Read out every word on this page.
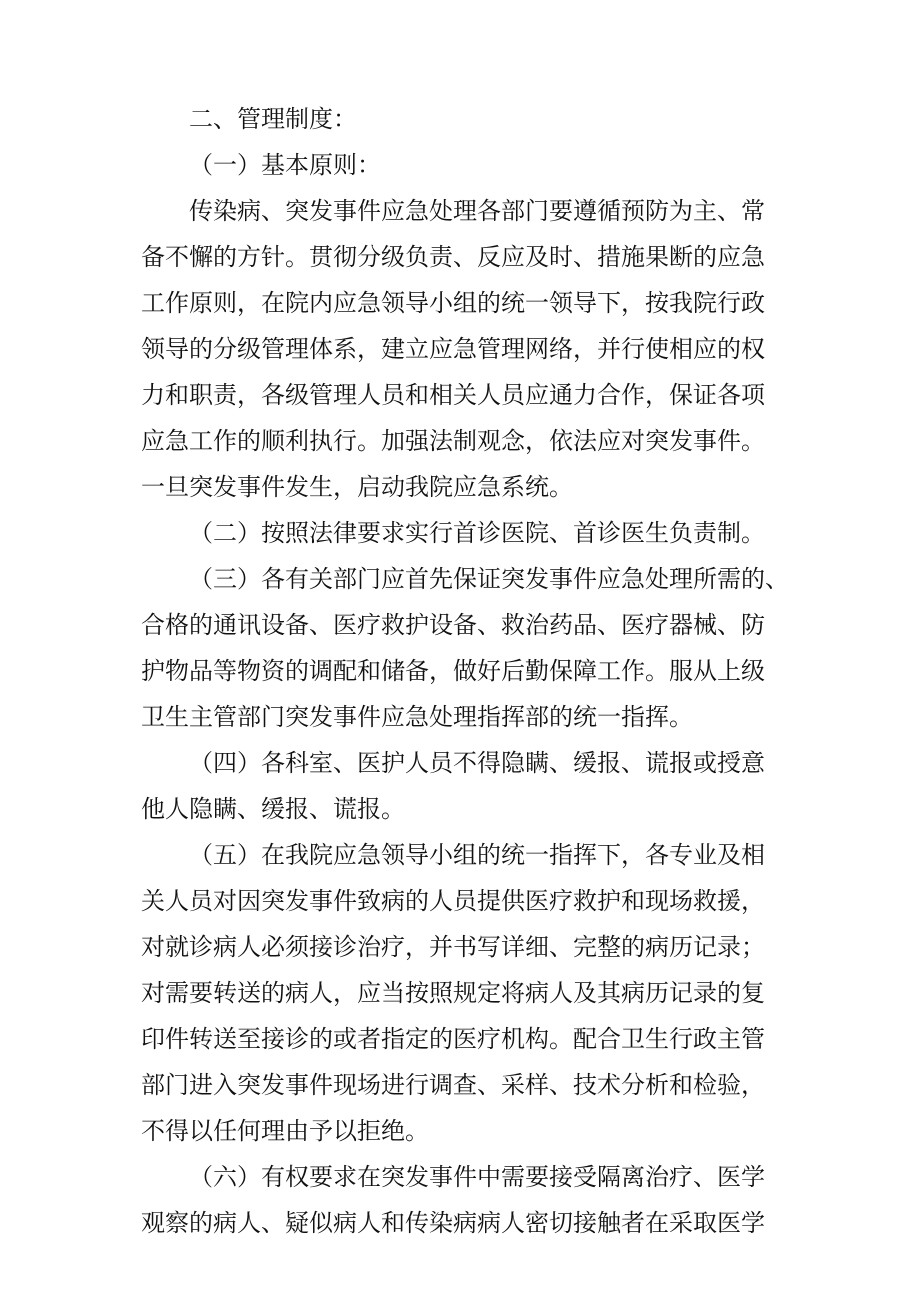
二、管理制度：
（一）基本原则：
传染病、突发事件应急处理各部门要遵循预防为主、常
备不懈的方针。贯彻分级负责、反应及时、措施果断的应急
工作原则，在院内应急领导小组的统一领导下，按我院行政
领导的分级管理体系，建立应急管理网络，并行使相应的权
力和职责，各级管理人员和相关人员应通力合作，保证各项
应急工作的顺利执行。加强法制观念，依法应对突发事件。
一旦突发事件发生，启动我院应急系统。
（二）按照法律要求实行首诊医院、首诊医生负责制。
（三）各有关部门应首先保证突发事件应急处理所需的、
合格的通讯设备、医疗救护设备、救治药品、医疗器械、防
护物品等物资的调配和储备，做好后勤保障工作。服从上级
卫生主管部门突发事件应急处理指挥部的统一指挥。
（四）各科室、医护人员不得隐瞒、缓报、谎报或授意
他人隐瞒、缓报、谎报。
（五）在我院应急领导小组的统一指挥下，各专业及相
关人员对因突发事件致病的人员提供医疗救护和现场救援，
对就诊病人必须接诊治疗，并书写详细、完整的病历记录；
对需要转送的病人，应当按照规定将病人及其病历记录的复
印件转送至接诊的或者指定的医疗机构。配合卫生行政主管
部门进入突发事件现场进行调查、采样、技术分析和检验，
不得以任何理由予以拒绝。
（六）有权要求在突发事件中需要接受隔离治疗、医学
观察的病人、疑似病人和传染病病人密切接触者在采取医学
